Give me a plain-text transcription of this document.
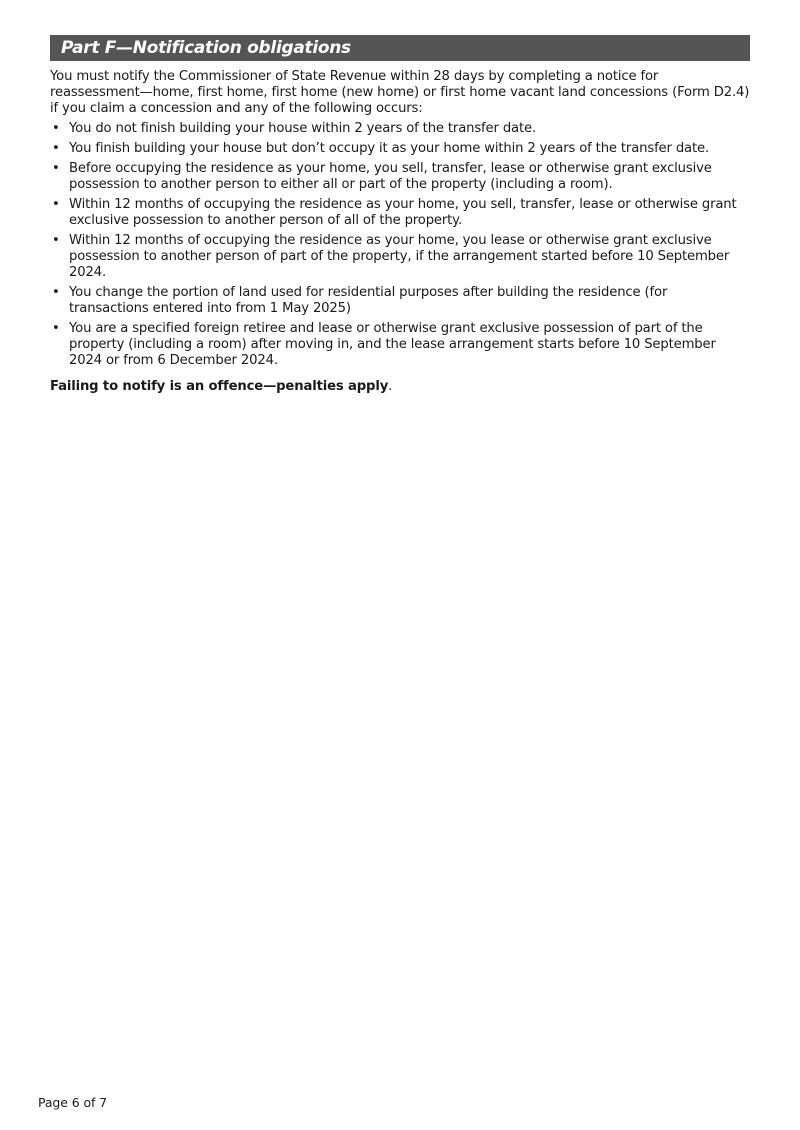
Part F—Notification obligations

You must notify the Commissioner of State Revenue within 28 days by completing a notice for reassessment—home, first home, first home (new home) or first home vacant land concessions (Form D2.4) if you claim a concession and any of the following occurs:

• You do not finish building your house within 2 years of the transfer date.
• You finish building your house but don’t occupy it as your home within 2 years of the transfer date.
• Before occupying the residence as your home, you sell, transfer, lease or otherwise grant exclusive possession to another person to either all or part of the property (including a room).
• Within 12 months of occupying the residence as your home, you sell, transfer, lease or otherwise grant exclusive possession to another person of all of the property.
• Within 12 months of occupying the residence as your home, you lease or otherwise grant exclusive possession to another person of part of the property, if the arrangement started before 10 September 2024.
• You change the portion of land used for residential purposes after building the residence (for transactions entered into from 1 May 2025)
• You are a specified foreign retiree and lease or otherwise grant exclusive possession of part of the property (including a room) after moving in, and the lease arrangement starts before 10 September 2024 or from 6 December 2024.

Failing to notify is an offence—penalties apply.

Page 6 of 7
